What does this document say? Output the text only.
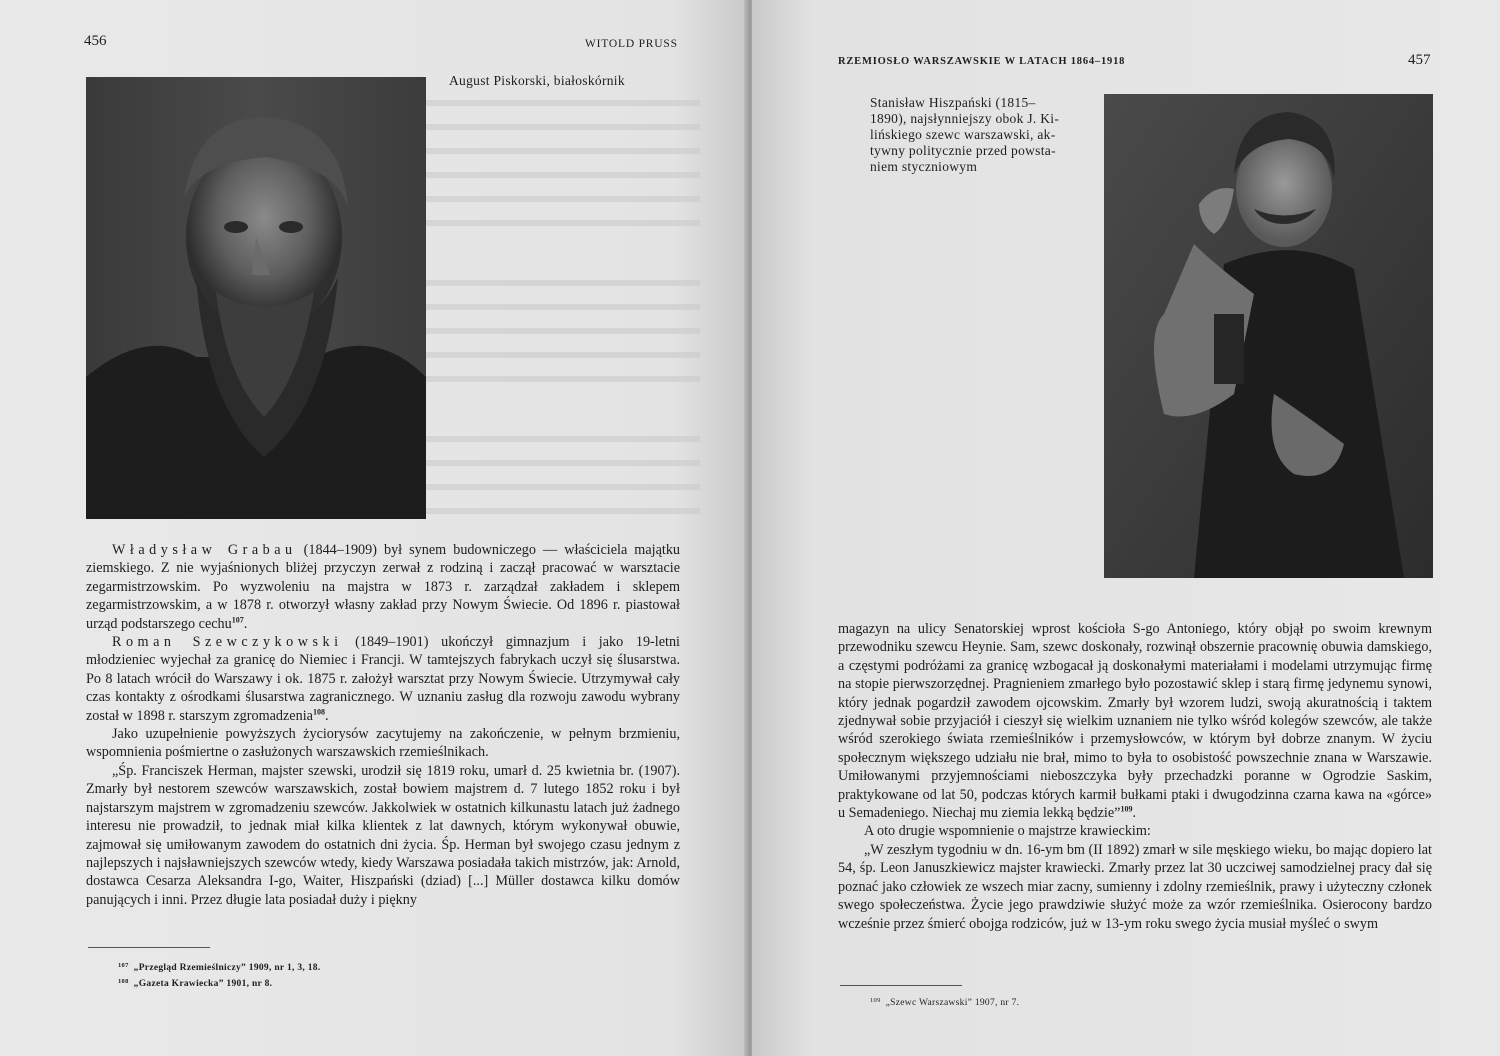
456	WITOLD PRUSS
August Piskorski, białoskórnik

Władysław Grabau (1844–1909) był synem budowniczego — właściciela majątku ziemskiego. Z nie wyjaśnionych bliżej przyczyn zerwał z rodziną i zaczął pracować w warsztacie zegarmistrzowskim. Po wyzwoleniu na majstra w 1873 r. zarządzał zakładem i sklepem zegarmistrzowskim, a w 1878 r. otworzył własny zakład przy Nowym Świecie. Od 1896 r. piastował urząd podstarszego cechu$^{107}$.

Roman Szewczykowski (1849–1901) ukończył gimnazjum i jako 19-letni młodzieniec wyjechał za granicę do Niemiec i Francji. W tamtejszych fabrykach uczył się ślusarstwa. Po 8 latach wrócił do Warszawy i ok. 1875 r. założył warsztat przy Nowym Świecie. Utrzymywał cały czas kontakty z ośrodkami ślusarstwa zagranicznego. W uznaniu zasług dla rozwoju zawodu wybrany został w 1898 r. starszym zgromadzenia$^{108}$.

Jako uzupełnienie powyższych życiorysów zacytujemy na zakończenie, w pełnym brzmieniu, wspomnienia pośmiertne o zasłużonych warszawskich rzemieślnikach.

„Śp. Franciszek Herman, majster szewski, urodził się 1819 roku, umarł d. 25 kwietnia br. (1907). Zmarły był nestorem szewców warszawskich, został bowiem majstrem d. 7 lutego 1852 roku i był najstarszym majstrem w zgromadzeniu szewców. Jakkolwiek w ostatnich kilkunastu latach już żadnego interesu nie prowadził, to jednak miał kilka klientek z lat dawnych, którym wykonywał obuwie, zajmował się umiłowanym zawodem do ostatnich dni życia. Śp. Herman był swojego czasu jednym z najlepszych i najsławniejszych szewców wtedy, kiedy Warszawa posiadała takich mistrzów, jak: Arnold, dostawca Cesarza Aleksandra I-go, Waiter, Hiszpański (dziad) [...] Müller dostawca kilku domów panujących i inni. Przez długie lata posiadał duży i piękny

$^{107}$ „Przegląd Rzemieślniczy” 1909, nr 1, 3, 18.
$^{108}$ „Gazeta Krawiecka” 1901, nr 8.
RZEMIOSŁO WARSZAWSKIE W LATACH 1864–1918	457
Stanisław Hiszpański (1815–
1890), najsłynniejszy obok J. Ki-
lińskiego szewc warszawski, ak-
tywny politycznie przed powsta-
niem styczniowym

magazyn na ulicy Senatorskiej wprost kościoła S-go Antoniego, który objął po swoim krewnym przewodniku szewcu Heynie. Sam, szewc doskonały, rozwinął obszernie pracownię obuwia damskiego, a częstymi podróżami za granicę wzbogacał ją doskonałymi materiałami i modelami utrzymując firmę na stopie pierwszorzędnej. Pragnieniem zmarłego było pozostawić sklep i starą firmę jedynemu synowi, który jednak pogardził zawodem ojcowskim. Zmarły był wzorem ludzi, swoją akuratnością i taktem zjednywał sobie przyjaciół i cieszył się wielkim uznaniem nie tylko wśród kolegów szewców, ale także wśród szerokiego świata rzemieślników i przemysłowców, w którym był dobrze znanym. W życiu społecznym większego udziału nie brał, mimo to była to osobistość powszechnie znana w Warszawie. Umiłowanymi przyjemnościami nieboszczyka były przechadzki poranne w Ogrodzie Saskim, praktykowane od lat 50, podczas których karmił bułkami ptaki i dwugodzinna czarna kawa na «górce» u Semadeniego. Niechaj mu ziemia lekką będzie”$^{109}$.

A oto drugie wspomnienie o majstrze krawieckim:

„W zeszłym tygodniu w dn. 16-ym bm (II 1892) zmarł w sile męskiego wieku, bo mając dopiero lat 54, śp. Leon Januszkiewicz majster krawiecki. Zmarły przez lat 30 uczciwej samodzielnej pracy dał się poznać jako człowiek ze wszech miar zacny, sumienny i zdolny rzemieślnik, prawy i użyteczny członek swego społeczeństwa. Życie jego prawdziwie służyć może za wzór rzemieślnika. Osierocony bardzo wcześnie przez śmierć obojga rodziców, już w 13-ym roku swego życia musiał myśleć o swym

$^{109}$ „Szewc Warszawski” 1907, nr 7.
